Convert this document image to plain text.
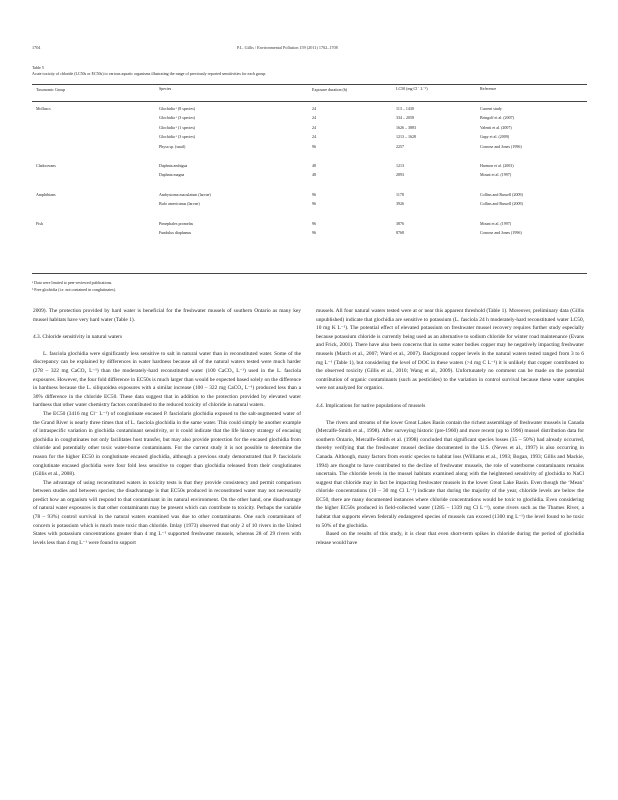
1704	P.L. Gillis / Environmental Pollution 159 (2011) 1702–1708
Table 5
Acute toxicity of chloride (LC50s or EC50s) to various aquatic organisms illustrating the range of previously reported sensitivities for each group.
Taxonomic Group	Species	Exposure duration (h)	LC50 (mg Cl⁻ L⁻¹)	Reference
Molluscs	Glochidia ᵃ (8 species)	24	113 – 1430	Current study
Glochidia ᵃ (3 species)	24	334 – 2058	Bringolf et al. (2007)
Glochidia ᵃ (1 species)	24	1626 – 3883	Valenti et al. (2007)
Glochidia ᵃ (3 species)	24	1213 – 1628	Gapy et al. (2009)
Physa sp. (snail)	96	2257	Conrose and Jones (1996)
Cladocerans	Daphnia ambigua	48	1213	Harmon et al. (2003)
Daphnia magna	48	2893	Mount et al. (1997)
Amphibians	Ambystoma maculatum (larvae)	96	1178	Collins and Russell (2009)
Bufo americanus (larvae)	96	3926	Collins and Russell (2009)
Fish	Pimephales promelas	96	3876	Mount et al. (1997)
Fundulus diaphanus	96	8768	Conrose and Jones (1996)
ᵃ Data were limited to peer-reviewed publications.
ᵇ Free glochidia (i.e. not contained in conglutinates).

2009). The protection provided by hard water is beneficial for the freshwater mussels of southern Ontario as many key mussel habitats have very hard water (Table 1).

4.3. Chloride sensitivity in natural waters

L. fasciola glochidia were significantly less sensitive to salt in natural water than in reconstituted water. Some of the discrepancy can be explained by differences in water hardness because all of the natural waters tested were much harder (278 – 322 mg CaCO₃ L⁻¹) than the moderately-hard reconstituted water (100 CaCO₃ L⁻¹) used in the L. fasciola exposures. However, the four fold difference in EC50s is much larger than would be expected based solely on the difference in hardness because the L. siliquoidea exposures with a similar increase (100 – 322 mg CaCO₃ L⁻¹) produced less than a 30% difference in the chloride EC50. These data suggest that in addition to the protection provided by elevated water hardness that other water chemistry factors contributed to the reduced toxicity of chloride in natural waters.

The EC50 (3416 mg Cl⁻ L⁻¹) of conglutinate encased P. fasciolaris glochidia exposed to the salt-augmented water of the Grand River is nearly three times that of L. fasciola glochidia in the same water. This could simply be another example of intraspecific variation in glochidia contaminant sensitivity, or it could indicate that the life history strategy of encasing glochidia in conglutinates not only facilitates host transfer, but may also provide protection for the encased glochidia from chloride and potentially other toxic water-borne contaminants. For the current study it is not possible to determine the reason for the higher EC50 in conglutinate encased glochidia, although a previous study demonstrated that P. fasciolaris conglutinate encased glochidia were four fold less sensitive to copper than glochidia released from their conglutinates (Gillis et al., 2008).

The advantage of using reconstituted waters in toxicity tests is that they provide consistency and permit comparison between studies and between species; the disadvantage is that EC50s produced in reconstituted water may not necessarily predict how an organism will respond to that contaminant in its natural environment. On the other hand, one disadvantage of natural water exposures is that other contaminants may be present which can contribute to toxicity. Perhaps the variable (78 – 93%) control survival in the natural waters examined was due to other contaminants. One such contaminant of concern is potassium which is much more toxic than chloride. Imlay (1973) observed that only 2 of 10 rivers in the United States with potassium concentrations greater than 4 mg L⁻¹ supported freshwater mussels, whereas 28 of 29 rivers with levels less than 4 mg L⁻¹ were found to support

mussels. All four natural waters tested were at or near this apparent threshold (Table 1). Moreover, preliminary data (Gillis unpublished) indicate that glochidia are sensitive to potassium (L. fasciola 24 h moderately-hard reconstituted water LC50, 10 mg K L⁻¹). The potential effect of elevated potassium on freshwater mussel recovery requires further study especially because potassium chloride is currently being used as an alternative to sodium chloride for winter road maintenance (Evans and Frick, 2001). There have also been concerns that in some water bodies copper may be negatively impacting freshwater mussels (March et al., 2007; Ward et al., 2007). Background copper levels in the natural waters tested ranged from 3 to 6 mg L⁻¹ (Table 1), but considering the level of DOC in these waters (>4 mg C L⁻¹) it is unlikely that copper contributed to the observed toxicity (Gillis et al., 2010; Wang et al., 2009). Unfortunately no comment can be made on the potential contribution of organic contaminants (such as pesticides) to the variation in control survival because these water samples were not analyzed for organics.

4.4. Implications for native populations of mussels

The rivers and streams of the lower Great Lakes Basin contain the richest assemblage of freshwater mussels in Canada (Metcalfe-Smith et al., 1998). After surveying historic (pre-1960) and more recent (up to 1996) mussel distribution data for southern Ontario, Metcalfe-Smith et al. (1998) concluded that significant species losses (35 – 50%) had already occurred, thereby verifying that the freshwater mussel decline documented in the U.S. (Neves et al., 1997) is also occurring in Canada. Although, many factors from exotic species to habitat loss (Williams et al., 1993; Bogan, 1993; Gillis and Mackie, 1994) are thought to have contributed to the decline of freshwater mussels, the role of waterborne contaminants remains uncertain. The chloride levels in the mussel habitats examined along with the heightened sensitivity of glochidia to NaCl suggest that chloride may in fact be impacting freshwater mussels in the lower Great Lake Basin. Even though the ‘Mean’ chloride concentrations (10 – 30 mg Cl L⁻¹) indicate that during the majority of the year, chloride levels are below the EC50, there are many documented instances where chloride concentrations would be toxic to glochidia. Even considering the higher EC50s produced in field-collected water (1285 – 1339 mg Cl L⁻¹), some rivers such as the Thames River, a habitat that supports eleven federally endangered species of mussels can exceed (1300 mg L⁻¹) the level found to be toxic to 50% of the glochidia.

Based on the results of this study, it is clear that even short-term spikes in chloride during the period of glochidia release would have
